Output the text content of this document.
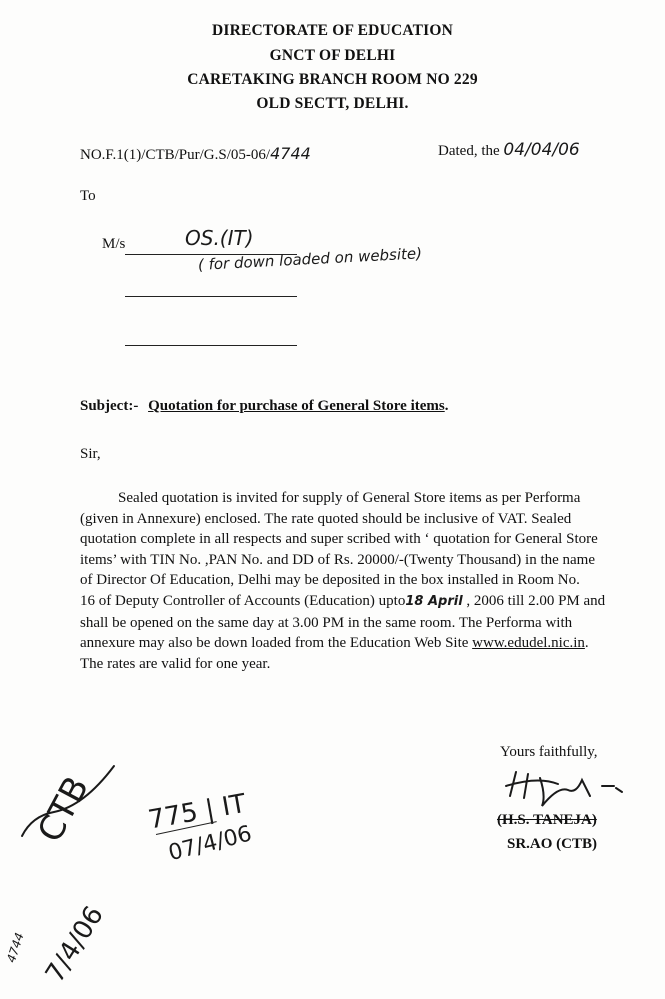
DIRECTORATE OF EDUCATION
GNCT OF DELHI
CARETAKING BRANCH ROOM NO 229
OLD SECTT, DELHI.
NO.F.1(1)/CTB/Pur/G.S/05-06/4744	Dated, the 04/04/06
To
M/s	OS.(IT)
( for down loaded on website)
Subject:- Quotation for purchase of General Store items.
Sir,
Sealed quotation is invited for supply of General Store items as per Performa
(given in Annexure) enclosed. The rate quoted should be inclusive of VAT. Sealed
quotation complete in all respects and super scribed with ‘ quotation for General Store
items’ with TIN No. ,PAN No. and DD of Rs. 20000/-(Twenty Thousand) in the name
of Director Of Education, Delhi may be deposited in the box installed in Room No.
16 of Deputy Controller of Accounts (Education) upto18 April , 2006 till 2.00 PM and
shall be opened on the same day at 3.00 PM in the same room. The Performa with
annexure may also be down loaded from the Education Web Site www.edudel.nic.in.
The rates are valid for one year.
Yours faithfully,
(H.S. TANEJA)
SR.AO (CTB)
CTB
4744 7/4/06
775 | IT
07/4/06
